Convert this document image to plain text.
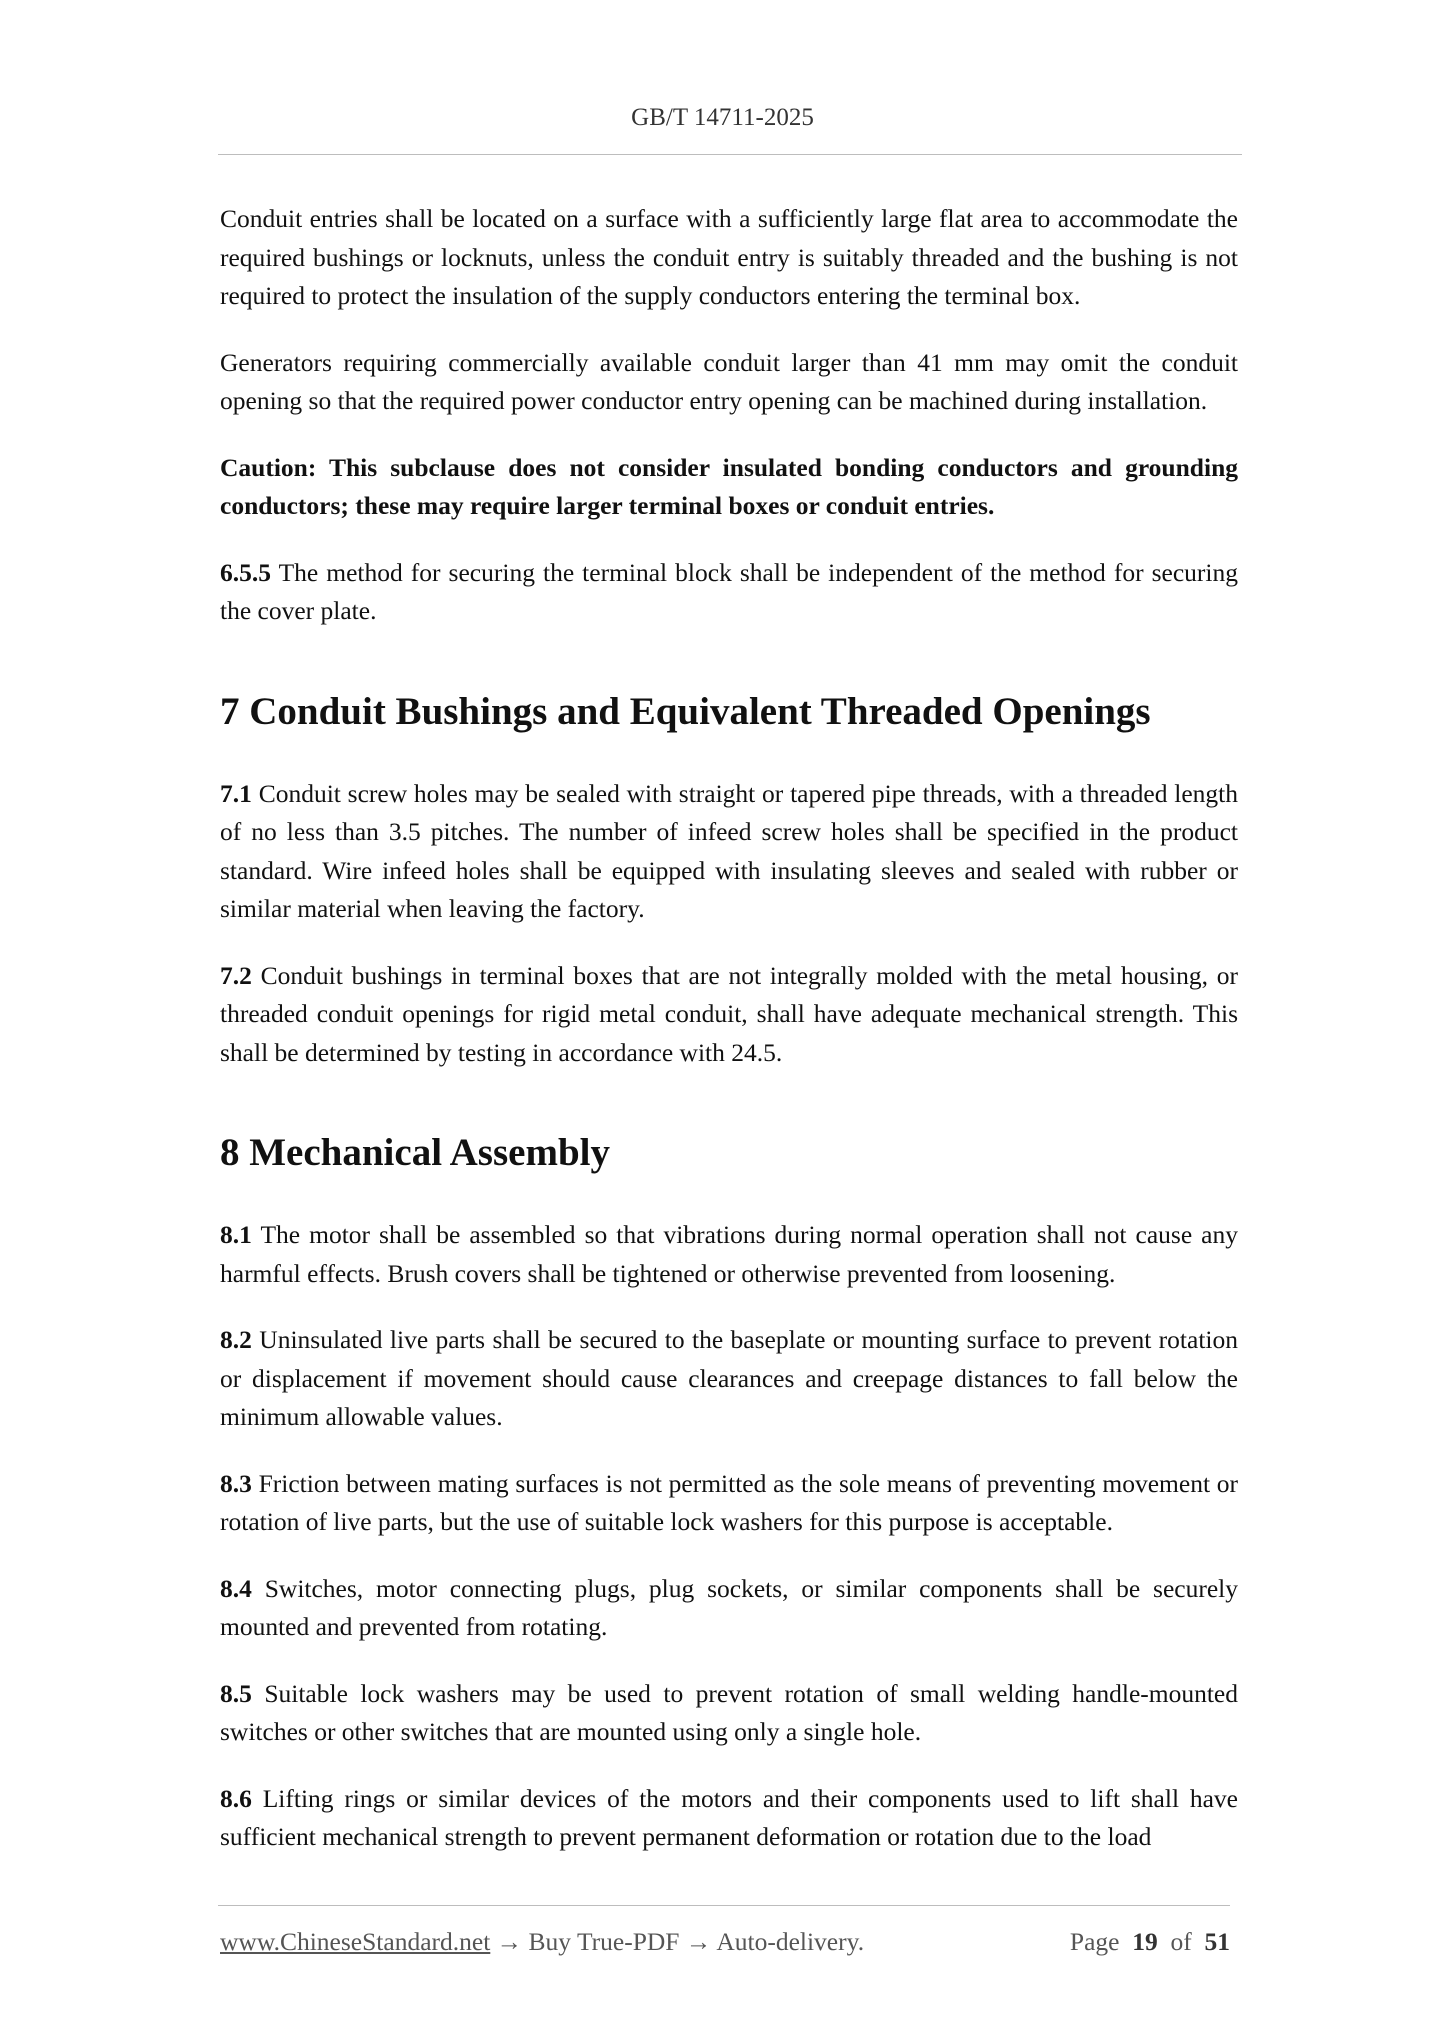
GB/T 14711-2025

Conduit entries shall be located on a surface with a sufficiently large flat area to accommodate the required bushings or locknuts, unless the conduit entry is suitably threaded and the bushing is not required to protect the insulation of the supply conductors entering the terminal box.

Generators requiring commercially available conduit larger than 41 mm may omit the conduit opening so that the required power conductor entry opening can be machined during installation.

Caution: This subclause does not consider insulated bonding conductors and grounding conductors; these may require larger terminal boxes or conduit entries.

6.5.5 The method for securing the terminal block shall be independent of the method for securing the cover plate.

7 Conduit Bushings and Equivalent Threaded Openings

7.1 Conduit screw holes may be sealed with straight or tapered pipe threads, with a threaded length of no less than 3.5 pitches. The number of infeed screw holes shall be specified in the product standard. Wire infeed holes shall be equipped with insulating sleeves and sealed with rubber or similar material when leaving the factory.

7.2 Conduit bushings in terminal boxes that are not integrally molded with the metal housing, or threaded conduit openings for rigid metal conduit, shall have adequate mechanical strength. This shall be determined by testing in accordance with 24.5.

8 Mechanical Assembly

8.1 The motor shall be assembled so that vibrations during normal operation shall not cause any harmful effects. Brush covers shall be tightened or otherwise prevented from loosening.

8.2 Uninsulated live parts shall be secured to the baseplate or mounting surface to prevent rotation or displacement if movement should cause clearances and creepage distances to fall below the minimum allowable values.

8.3 Friction between mating surfaces is not permitted as the sole means of preventing movement or rotation of live parts, but the use of suitable lock washers for this purpose is acceptable.

8.4 Switches, motor connecting plugs, plug sockets, or similar components shall be securely mounted and prevented from rotating.

8.5 Suitable lock washers may be used to prevent rotation of small welding handle-mounted switches or other switches that are mounted using only a single hole.

8.6 Lifting rings or similar devices of the motors and their components used to lift shall have sufficient mechanical strength to prevent permanent deformation or rotation due to the load

www.ChineseStandard.net → Buy True-PDF → Auto-delivery.	Page 19 of 51
